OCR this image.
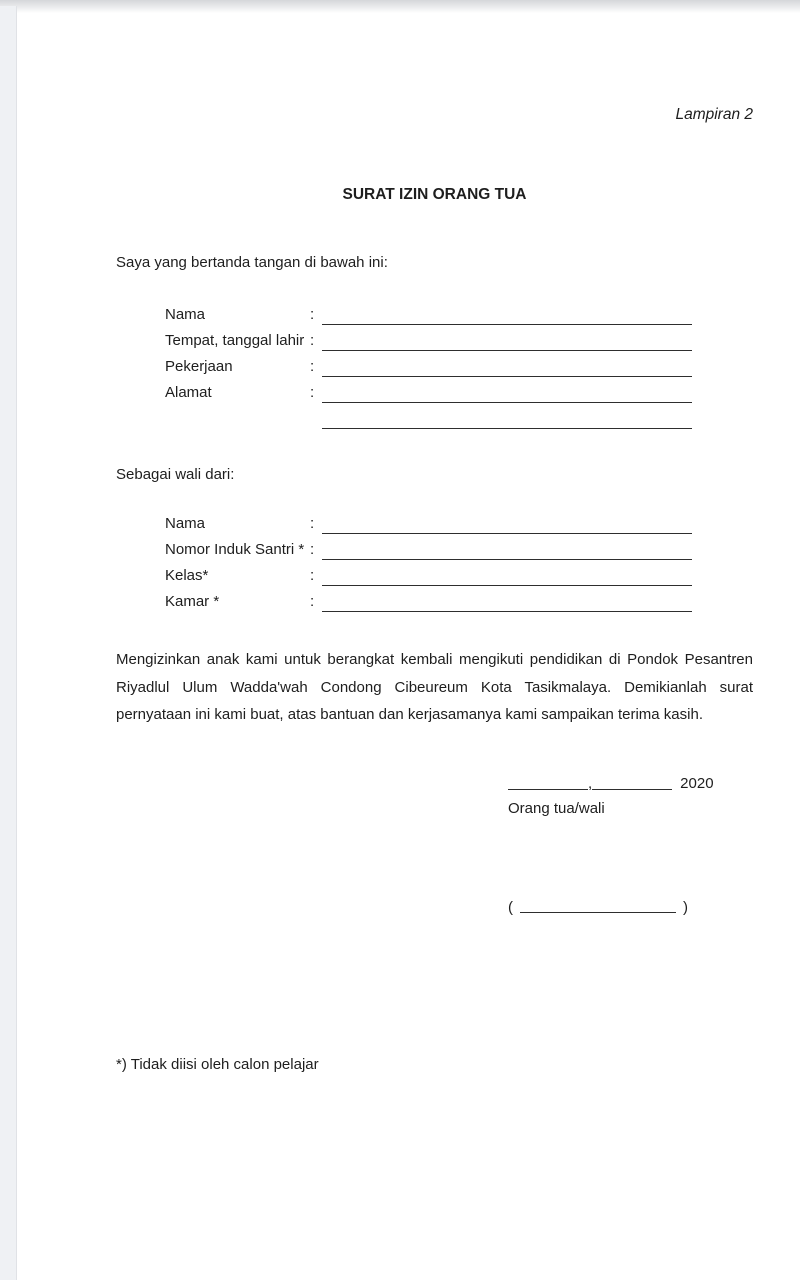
Lampiran 2
SURAT IZIN ORANG TUA
Saya yang bertanda tangan di bawah ini:
Nama	:
Tempat, tanggal lahir :
Pekerjaan	:
Alamat	:
Sebagai wali dari:
Nama	:
Nomor Induk Santri * :
Kelas*	:
Kamar *	:

Mengizinkan anak kami untuk berangkat kembali mengikuti pendidikan di Pondok Pesantren Riyadlul Ulum Wadda'wah Condong Cibeureum Kota Tasikmalaya. Demikianlah surat pernyataan ini kami buat, atas bantuan dan kerjasamanya kami sampaikan terima kasih.

,	2020
Orang tua/wali
(	)
*) Tidak diisi oleh calon pelajar
